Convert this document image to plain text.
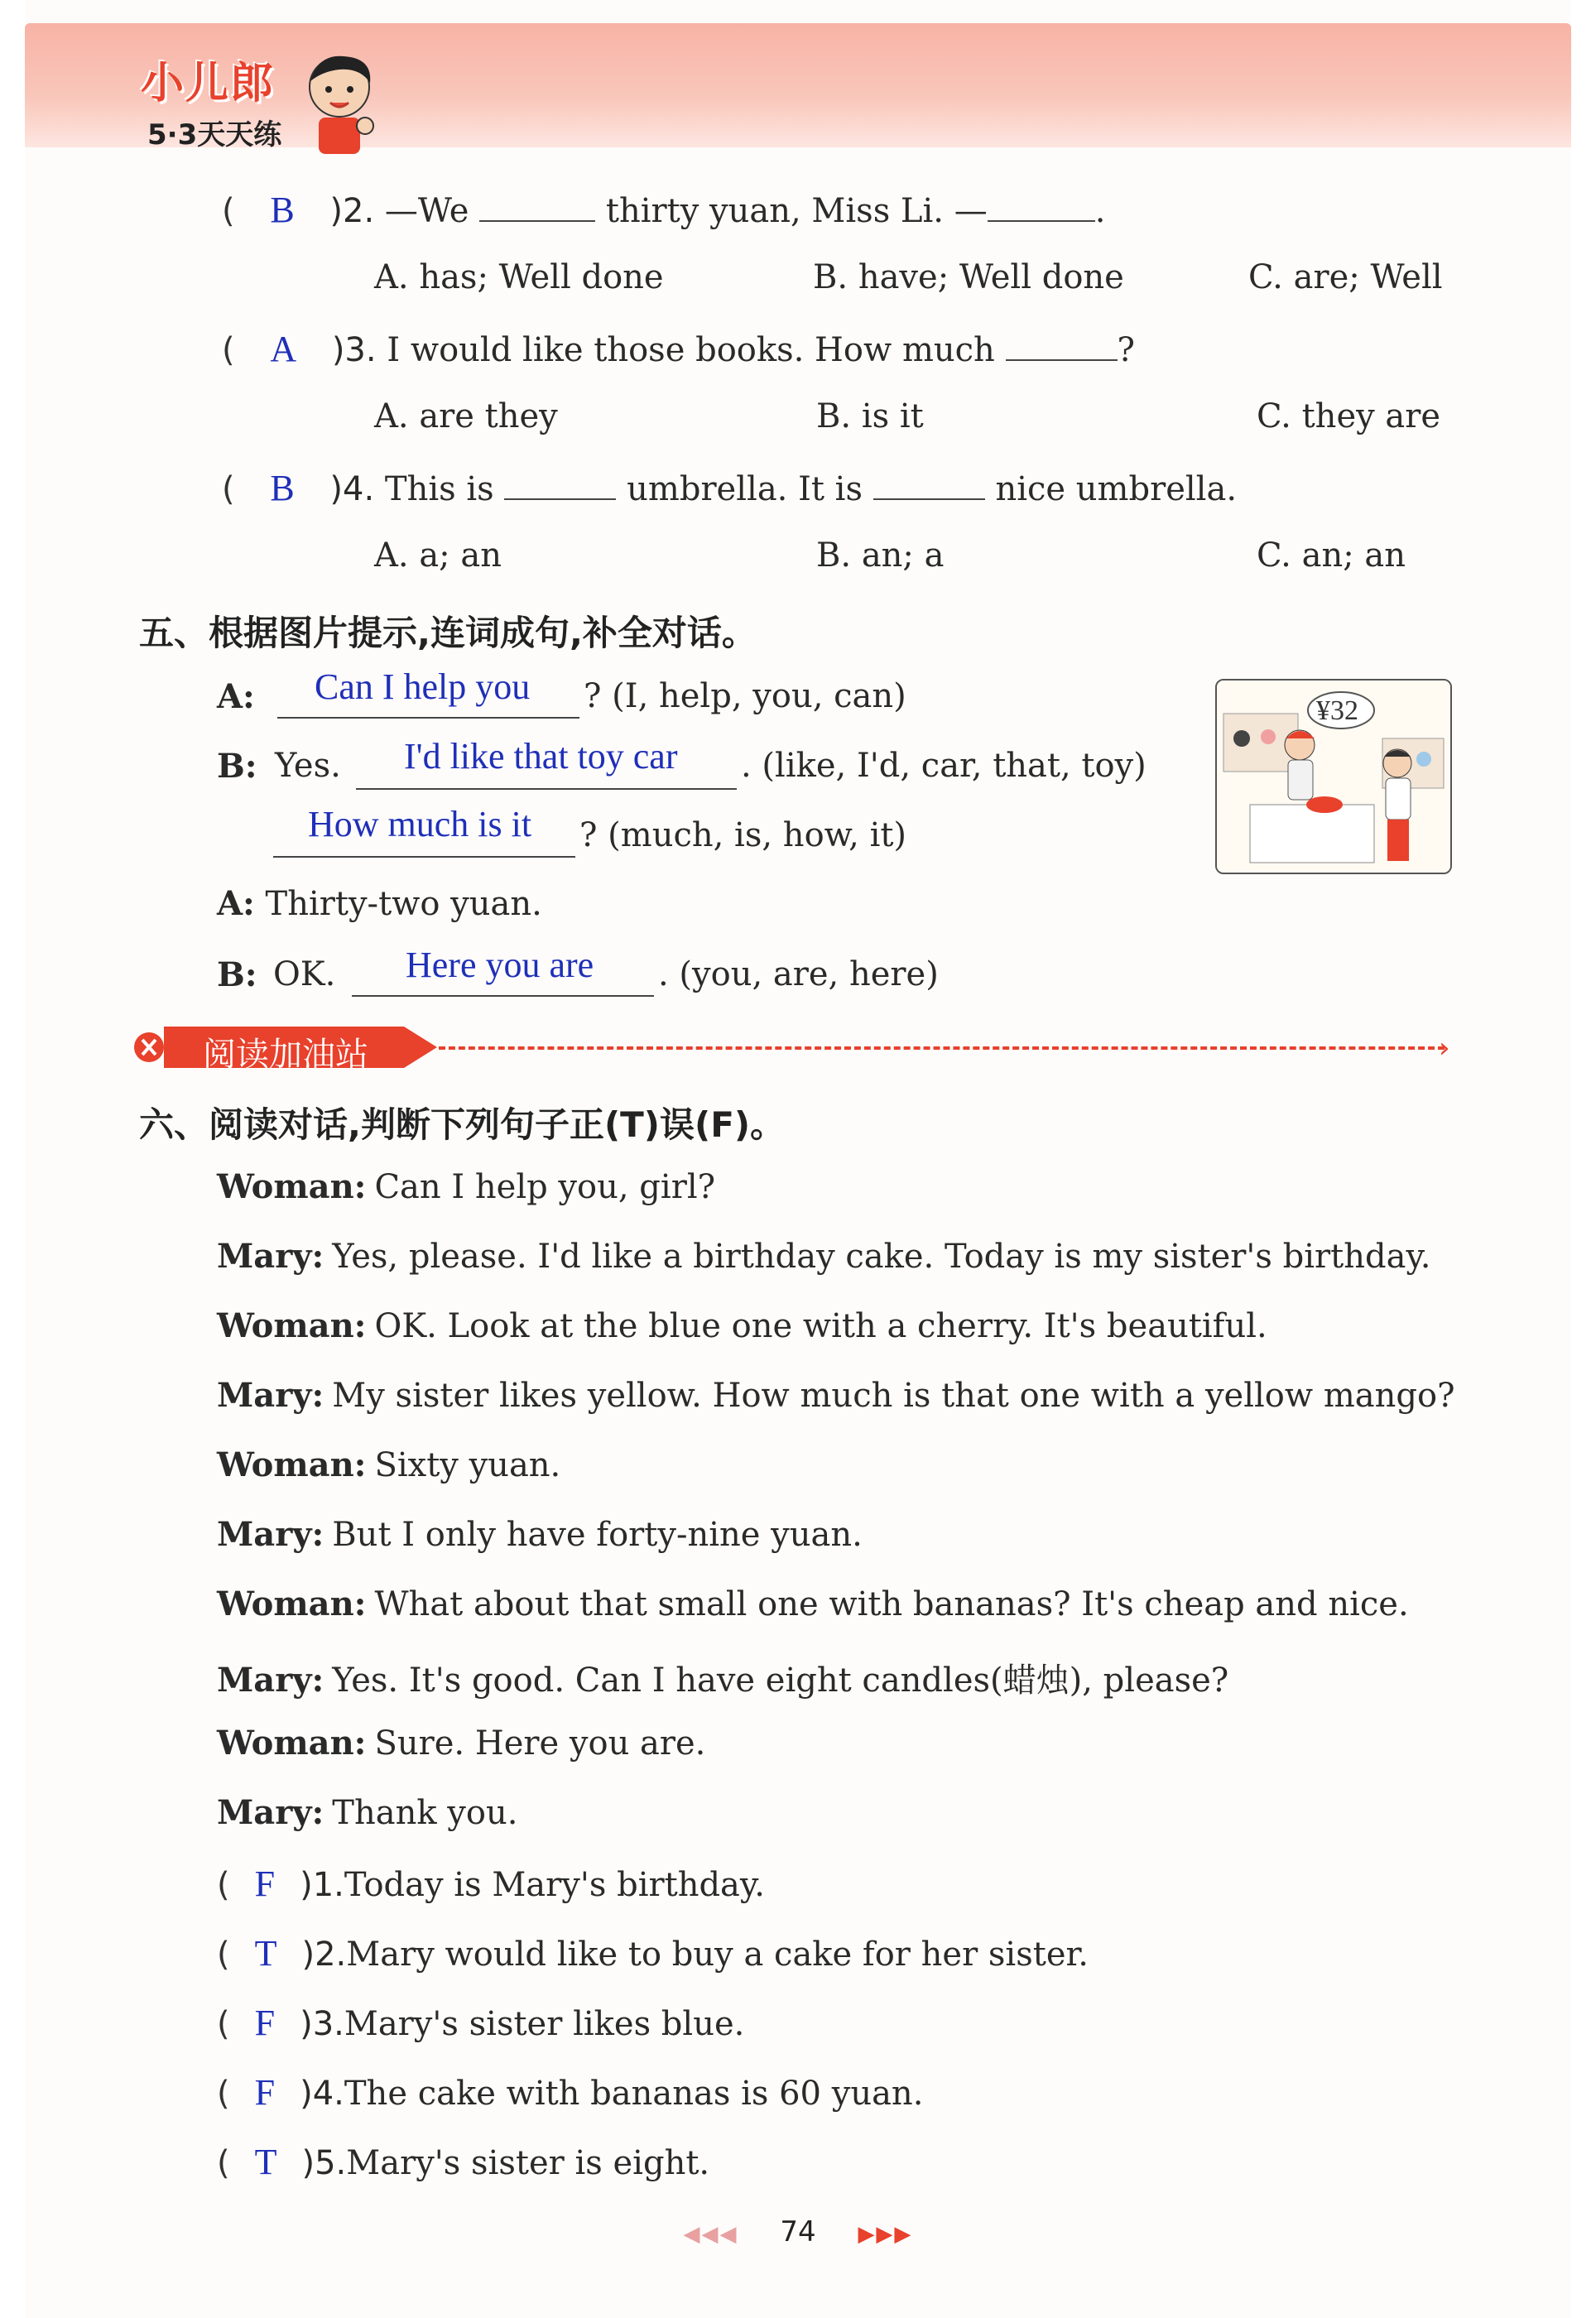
小儿郎
5·3天天练
( B )2. —We	thirty yuan, Miss Li. —	.
A. has; Well done	B. have; Well done	C. are; Well
( A )3. I would like those books. How much	?
A. are they	B. is it	C. they are
( B )4. This is	umbrella. It is	nice umbrella.
A. a; an	B. an; a	C. an; an
五、根据图片提示,连词成句,补全对话。
A: Can I help you ? (I, help, you, can)
B: Yes. I'd like that toy car . (like, I'd, car, that, toy)
How much is it ? (much, is, how, it)
A: Thirty-two yuan.
B: OK. Here you are . (you, are, here)
¥32
阅读加油站	›
六、阅读对话,判断下列句子正(T)误(F)。
Woman: Can I help you, girl?
Mary: Yes, please. I'd like a birthday cake. Today is my sister's birthday.
Woman: OK. Look at the blue one with a cherry. It's beautiful.
Mary: My sister likes yellow. How much is that one with a yellow mango?
Woman: Sixty yuan.
Mary: But I only have forty-nine yuan.
Woman: What about that small one with bananas? It's cheap and nice.
Mary: Yes. It's good. Can I have eight candles(蜡烛), please?
Woman: Sure. Here you are.
Mary: Thank you.
( F )1.Today is Mary's birthday.
( T )2.Mary would like to buy a cake for her sister.
( F )3.Mary's sister likes blue.
( F )4.The cake with bananas is 60 yuan.
( T )5.Mary's sister is eight.
◀◀◀ 74 ▶▶▶
